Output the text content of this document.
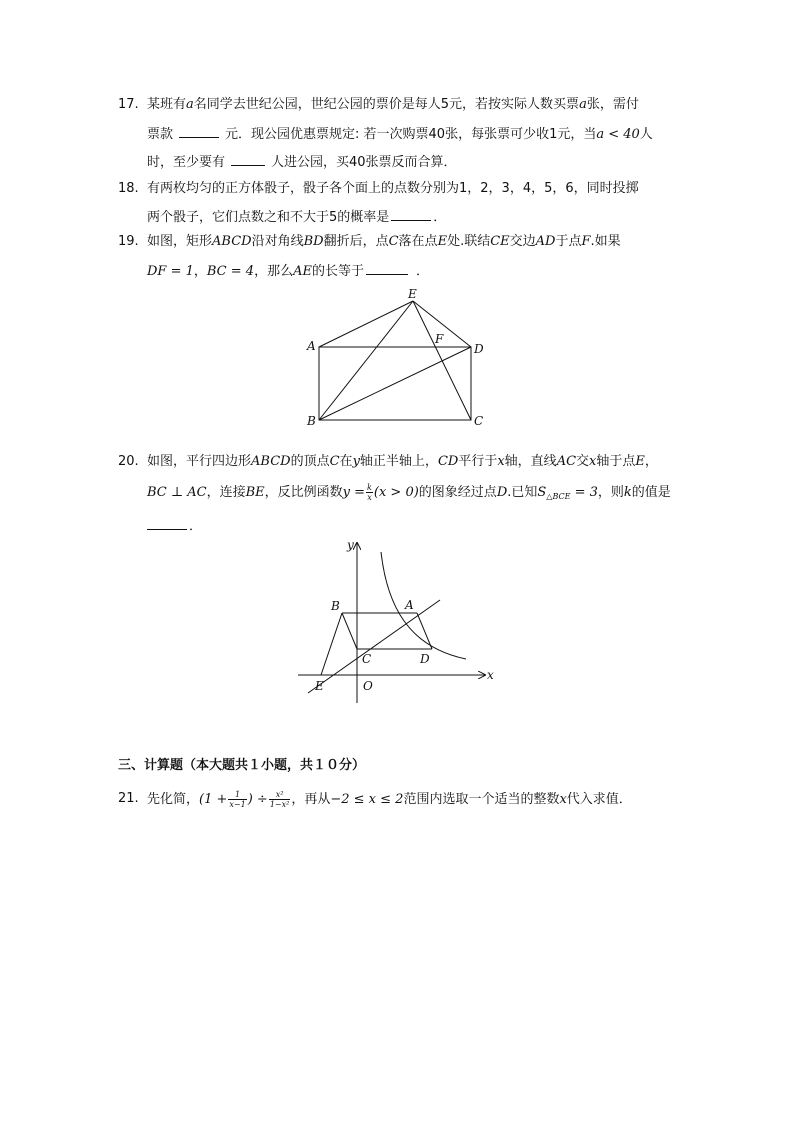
17. 某班有a名同学去世纪公园，世纪公园的票价是每人5元，若按实际人数买票a张，需付
票款	元．现公园优惠票规定: 若一次购票40张，每张票可少收1元，当a < 40人
时，至少要有	人进公园，买40张票反而合算．
18. 有两枚均匀的正方体骰子，骰子各个面上的点数分别为1，2，3，4，5，6，同时投掷
两个骰子，它们点数之和不大于5的概率是	．
19. 如图，矩形ABCD沿对角线BD翻折后，点C落在点E处.联结CE交边AD于点F.如果
DF = 1，BC = 4，那么AE的长等于	．
E
A	F
D
B	C
20. 如图，平行四边形ABCD的顶点C在y轴正半轴上，CD平行于x轴，直线AC交x轴于点E，
BC ⊥ AC，连接BE，反比例函数$y = \frac{k}{x} (x > 0)$的图象经过点D.已知$S_{\triangle BCE} = 3$，则k的值是
．
y
x
B	A
C	D
E	O
三、计算题（本大题共１小题，共１０分）
21. 先化简，($1 + \frac{1}{x-1}$ ) ÷ $\frac{\text{x²}}{\text{1−x²}}$ ，再从−2 ≤ x ≤ 2范围内选取一个适当的整数x代入求值．
